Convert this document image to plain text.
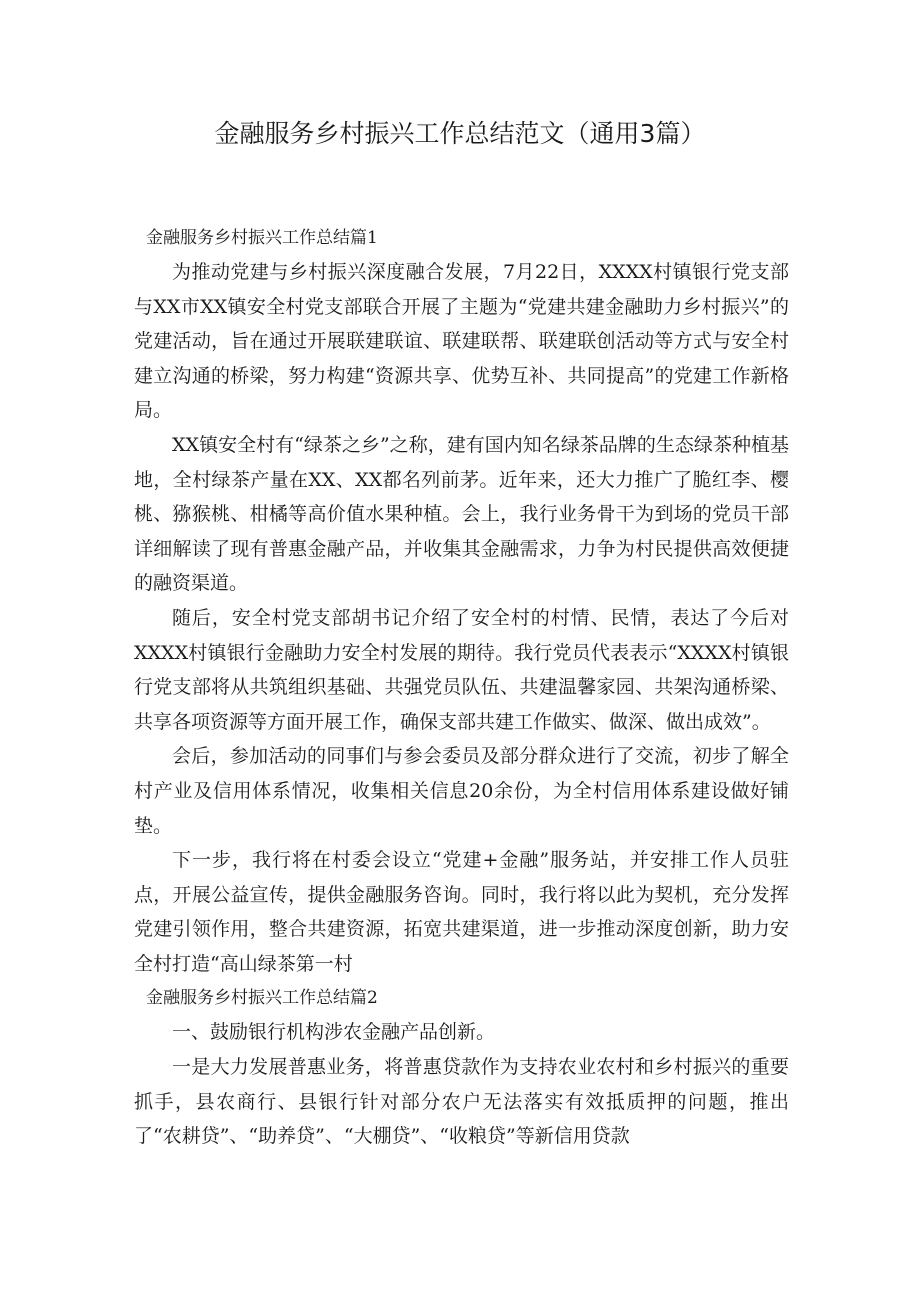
金融服务乡村振兴工作总结范文（通用3篇）
金融服务乡村振兴工作总结篇1

为推动党建与乡村振兴深度融合发展，7月22日，XXXX村镇银行党支部与XX市XX镇安全村党支部联合开展了主题为“党建共建金融助力乡村振兴”的党建活动，旨在通过开展联建联谊、联建联帮、联建联创活动等方式与安全村建立沟通的桥梁，努力构建“资源共享、优势互补、共同提高”的党建工作新格局。

XX镇安全村有“绿茶之乡”之称，建有国内知名绿茶品牌的生态绿茶种植基地，全村绿茶产量在XX、XX都名列前茅。近年来，还大力推广了脆红李、樱桃、猕猴桃、柑橘等高价值水果种植。会上，我行业务骨干为到场的党员干部详细解读了现有普惠金融产品，并收集其金融需求，力争为村民提供高效便捷的融资渠道。

随后，安全村党支部胡书记介绍了安全村的村情、民情，表达了今后对XXXX村镇银行金融助力安全村发展的期待。我行党员代表表示“XXXX村镇银行党支部将从共筑组织基础、共强党员队伍、共建温馨家园、共架沟通桥梁、共享各项资源等方面开展工作，确保支部共建工作做实、做深、做出成效”。

会后，参加活动的同事们与参会委员及部分群众进行了交流，初步了解全村产业及信用体系情况，收集相关信息20余份，为全村信用体系建设做好铺垫。

下一步，我行将在村委会设立“党建+金融”服务站，并安排工作人员驻点，开展公益宣传，提供金融服务咨询。同时，我行将以此为契机，充分发挥党建引领作用，整合共建资源，拓宽共建渠道，进一步推动深度创新，助力安全村打造“高山绿茶第一村

金融服务乡村振兴工作总结篇2

一、鼓励银行机构涉农金融产品创新。

一是大力发展普惠业务，将普惠贷款作为支持农业农村和乡村振兴的重要抓手，县农商行、县银行针对部分农户无法落实有效抵质押的问题，推出了“农耕贷”、“助养贷”、“大棚贷”、“收粮贷”等新信用贷款
